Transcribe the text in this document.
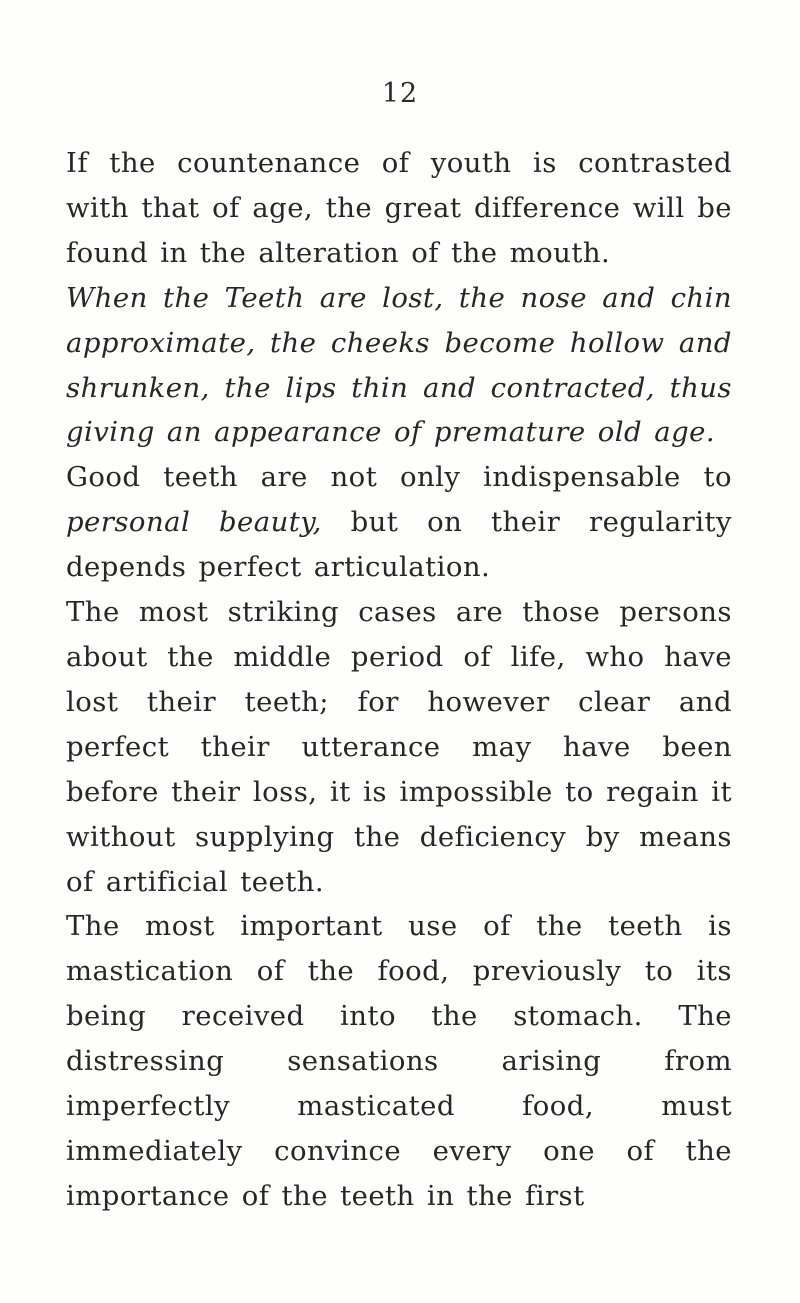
12

If the countenance of youth is contrasted with that of age, the great difference will be found in the alteration of the mouth.

When the Teeth are lost, the nose and chin approximate, the cheeks become hollow and shrunken, the lips thin and contracted, thus giving an appearance of premature old age.

Good teeth are not only indispensable to personal beauty, but on their regularity depends perfect articulation.

The most striking cases are those persons about the middle period of life, who have lost their teeth; for however clear and perfect their utterance may have been before their loss, it is impossible to regain it without supplying the deficiency by means of artificial teeth.

The most important use of the teeth is mastication of the food, previously to its being received into the stomach. The distressing sensations arising from imperfectly masticated food, must immediately convince every one of the importance of the teeth in the first
